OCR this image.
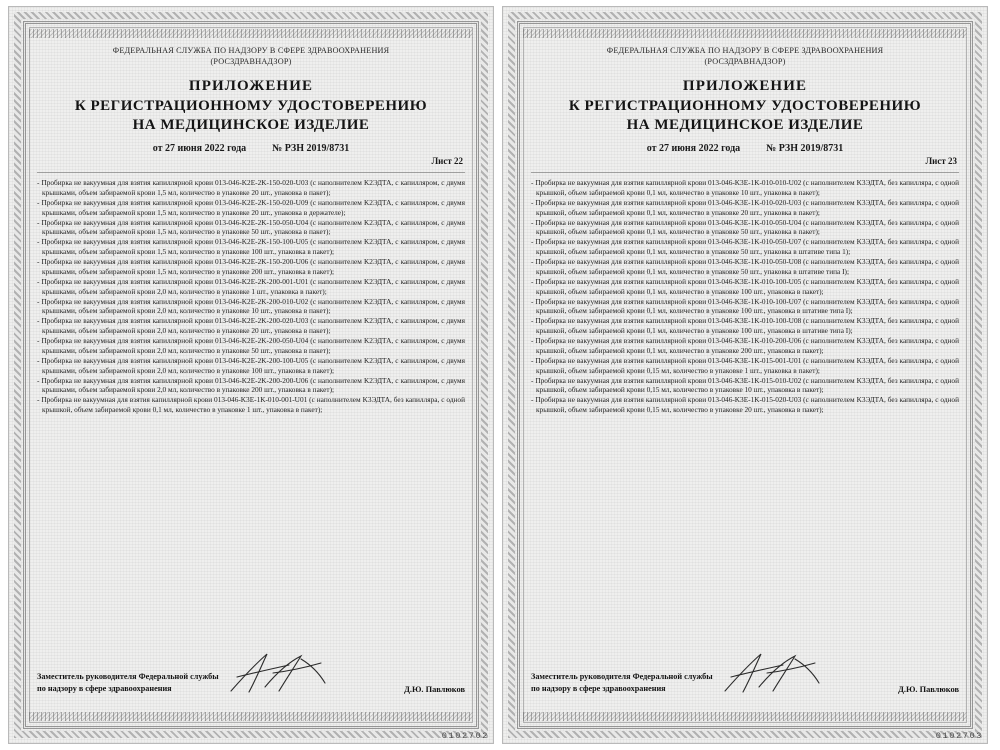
ФЕДЕРАЛЬНАЯ СЛУЖБА ПО НАДЗОРУ В СФЕРЕ ЗДРАВООХРАНЕНИЯ
(РОСЗДРАВНАДЗОР)
ПРИЛОЖЕНИЕ
К РЕГИСТРАЦИОННОМУ УДОСТОВЕРЕНИЮ
НА МЕДИЦИНСКОЕ ИЗДЕЛИЕ
от 27 июня 2022 года	№ РЗН 2019/8731
Лист 22
- Пробирка не вакуумная для взятия капиллярной крови 013-046-K2E-2K-150-020-U03 (с наполнителем K2ЭДТА, с капилляром, с двумя крышками, объем забираемой крови 1,5 мл, количество в упаковке 20 шт., упаковка в пакет);
- Пробирка не вакуумная для взятия капиллярной крови 013-046-K2E-2K-150-020-U09 (с наполнителем K2ЭДТА, с капилляром, с двумя крышками, объем забираемой крови 1,5 мл, количество в упаковке 20 шт., упаковка в держателе);
- Пробирка не вакуумная для взятия капиллярной крови 013-046-K2E-2K-150-050-U04 (с наполнителем K2ЭДТА, с капилляром, с двумя крышками, объем забираемой крови 1,5 мл, количество в упаковке 50 шт., упаковка в пакет);
- Пробирка не вакуумная для взятия капиллярной крови 013-046-K2E-2K-150-100-U05 (с наполнителем K2ЭДТА, с капилляром, с двумя крышками, объем забираемой крови 1,5 мл, количество в упаковке 100 шт., упаковка в пакет);
- Пробирка не вакуумная для взятия капиллярной крови 013-046-K2E-2K-150-200-U06 (с наполнителем K2ЭДТА, с капилляром, с двумя крышками, объем забираемой крови 1,5 мл, количество в упаковке 200 шт., упаковка в пакет);
- Пробирка не вакуумная для взятия капиллярной крови 013-046-K2E-2K-200-001-U01 (с наполнителем K2ЭДТА, с капилляром, с двумя крышками, объем забираемой крови 2,0 мл, количество в упаковке 1 шт., упаковка в пакет);
- Пробирка не вакуумная для взятия капиллярной крови 013-046-K2E-2K-200-010-U02 (с наполнителем K2ЭДТА, с капилляром, с двумя крышками, объем забираемой крови 2,0 мл, количество в упаковке 10 шт., упаковка в пакет);
- Пробирка не вакуумная для взятия капиллярной крови 013-046-K2E-2K-200-020-U03 (с наполнителем K2ЭДТА, с капилляром, с двумя крышками, объем забираемой крови 2,0 мл, количество в упаковке 20 шт., упаковка в пакет);
- Пробирка не вакуумная для взятия капиллярной крови 013-046-K2E-2K-200-050-U04 (с наполнителем K2ЭДТА, с капилляром, с двумя крышками, объем забираемой крови 2,0 мл, количество в упаковке 50 шт., упаковка в пакет);
- Пробирка не вакуумная для взятия капиллярной крови 013-046-K2E-2K-200-100-U05 (с наполнителем K2ЭДТА, с капилляром, с двумя крышками, объем забираемой крови 2,0 мл, количество в упаковке 100 шт., упаковка в пакет);
- Пробирка не вакуумная для взятия капиллярной крови 013-046-K2E-2K-200-200-U06 (с наполнителем K2ЭДТА, с капилляром, с двумя крышками, объем забираемой крови 2,0 мл, количество в упаковке 200 шт., упаковка в пакет);
- Пробирка не вакуумная для взятия капиллярной крови 013-046-K3E-1K-010-001-U01 (с наполнителем K3ЭДТА, без капилляра, с одной крышкой, объем забираемой крови 0,1 мл, количество в упаковке 1 шт., упаковка в пакет);
Заместитель руководителя Федеральной службы
по надзору в сфере здравоохранения	Д.Ю. Павлюков
0102702
ФЕДЕРАЛЬНАЯ СЛУЖБА ПО НАДЗОРУ В СФЕРЕ ЗДРАВООХРАНЕНИЯ
(РОСЗДРАВНАДЗОР)
ПРИЛОЖЕНИЕ
К РЕГИСТРАЦИОННОМУ УДОСТОВЕРЕНИЮ
НА МЕДИЦИНСКОЕ ИЗДЕЛИЕ
от 27 июня 2022 года	№ РЗН 2019/8731
Лист 23
- Пробирка не вакуумная для взятия капиллярной крови 013-046-K3E-1K-010-010-U02 (с наполнителем K3ЭДТА, без капилляра, с одной крышкой, объем забираемой крови 0,1 мл, количество в упаковке 10 шт., упаковка в пакет);
- Пробирка не вакуумная для взятия капиллярной крови 013-046-K3E-1K-010-020-U03 (с наполнителем K3ЭДТА, без капилляра, с одной крышкой, объем забираемой крови 0,1 мл, количество в упаковке 20 шт., упаковка в пакет);
- Пробирка не вакуумная для взятия капиллярной крови 013-046-K3E-1K-010-050-U04 (с наполнителем K3ЭДТА, без капилляра, с одной крышкой, объем забираемой крови 0,1 мл, количество в упаковке 50 шт., упаковка в пакет);
- Пробирка не вакуумная для взятия капиллярной крови 013-046-K3E-1K-010-050-U07 (с наполнителем K3ЭДТА, без капилляра, с одной крышкой, объем забираемой крови 0,1 мл, количество в упаковке 50 шт., упаковка в штативе типа 1);
- Пробирка не вакуумная для взятия капиллярной крови 013-046-K3E-1K-010-050-U08 (с наполнителем K3ЭДТА, без капилляра, с одной крышкой, объем забираемой крови 0,1 мл, количество в упаковке 50 шт., упаковка в штативе типа I);
- Пробирка не вакуумная для взятия капиллярной крови 013-046-K3E-1K-010-100-U05 (с наполнителем K3ЭДТА, без капилляра, с одной крышкой, объем забираемой крови 0,1 мл, количество в упаковке 100 шт., упаковка в пакет);
- Пробирка не вакуумная для взятия капиллярной крови 013-046-K3E-1K-010-100-U07 (с наполнителем K3ЭДТА, без капилляра, с одной крышкой, объем забираемой крови 0,1 мл, количество в упаковке 100 шт., упаковка в штативе типа I);
- Пробирка не вакуумная для взятия капиллярной крови 013-046-K3E-1K-010-100-U08 (с наполнителем K3ЭДТА, без капилляра, с одной крышкой, объем забираемой крови 0,1 мл, количество в упаковке 100 шт., упаковка в штативе типа I);
- Пробирка не вакуумная для взятия капиллярной крови 013-046-K3E-1K-010-200-U06 (с наполнителем K3ЭДТА, без капилляра, с одной крышкой, объем забираемой крови 0,1 мл, количество в упаковке 200 шт., упаковка в пакет);
- Пробирка не вакуумная для взятия капиллярной крови 013-046-K3E-1K-015-001-U01 (с наполнителем K3ЭДТА, без капилляра, с одной крышкой, объем забираемой крови 0,15 мл, количество в упаковке 1 шт., упаковка в пакет);
- Пробирка не вакуумная для взятия капиллярной крови 013-046-K3E-1K-015-010-U02 (с наполнителем K3ЭДТА, без капилляра, с одной крышкой, объем забираемой крови 0,15 мл, количество в упаковке 10 шт., упаковка в пакет);
- Пробирка не вакуумная для взятия капиллярной крови 013-046-K3E-1K-015-020-U03 (с наполнителем K3ЭДТА, без капилляра, с одной крышкой, объем забираемой крови 0,15 мл, количество в упаковке 20 шт., упаковка в пакет);
Заместитель руководителя Федеральной службы
по надзору в сфере здравоохранения	Д.Ю. Павлюков
0102703
